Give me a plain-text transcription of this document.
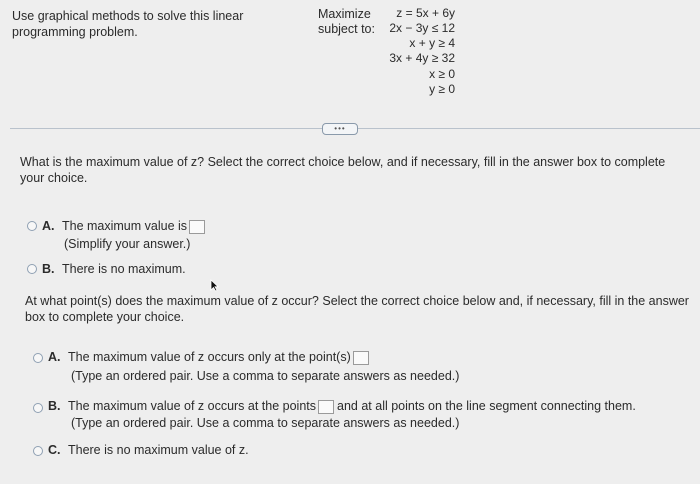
Use graphical methods to solve this linear
programming problem.
Maximize
subject to:
z = 5x + 6y
2x − 3y ≤ 12
x + y ≥ 4
3x + 4y ≥ 32
x ≥ 0
y ≥ 0
•••
What is the maximum value of z? Select the correct choice below, and if necessary, fill in the answer box to complete
your choice.
A. The maximum value is
(Simplify your answer.)
B. There is no maximum.
At what point(s) does the maximum value of z occur? Select the correct choice below and, if necessary, fill in the answer
box to complete your choice.
A. The maximum value of z occurs only at the point(s)
(Type an ordered pair. Use a comma to separate answers as needed.)
B. The maximum value of z occurs at the points and at all points on the line segment connecting them.
(Type an ordered pair. Use a comma to separate answers as needed.)
C. There is no maximum value of z.
